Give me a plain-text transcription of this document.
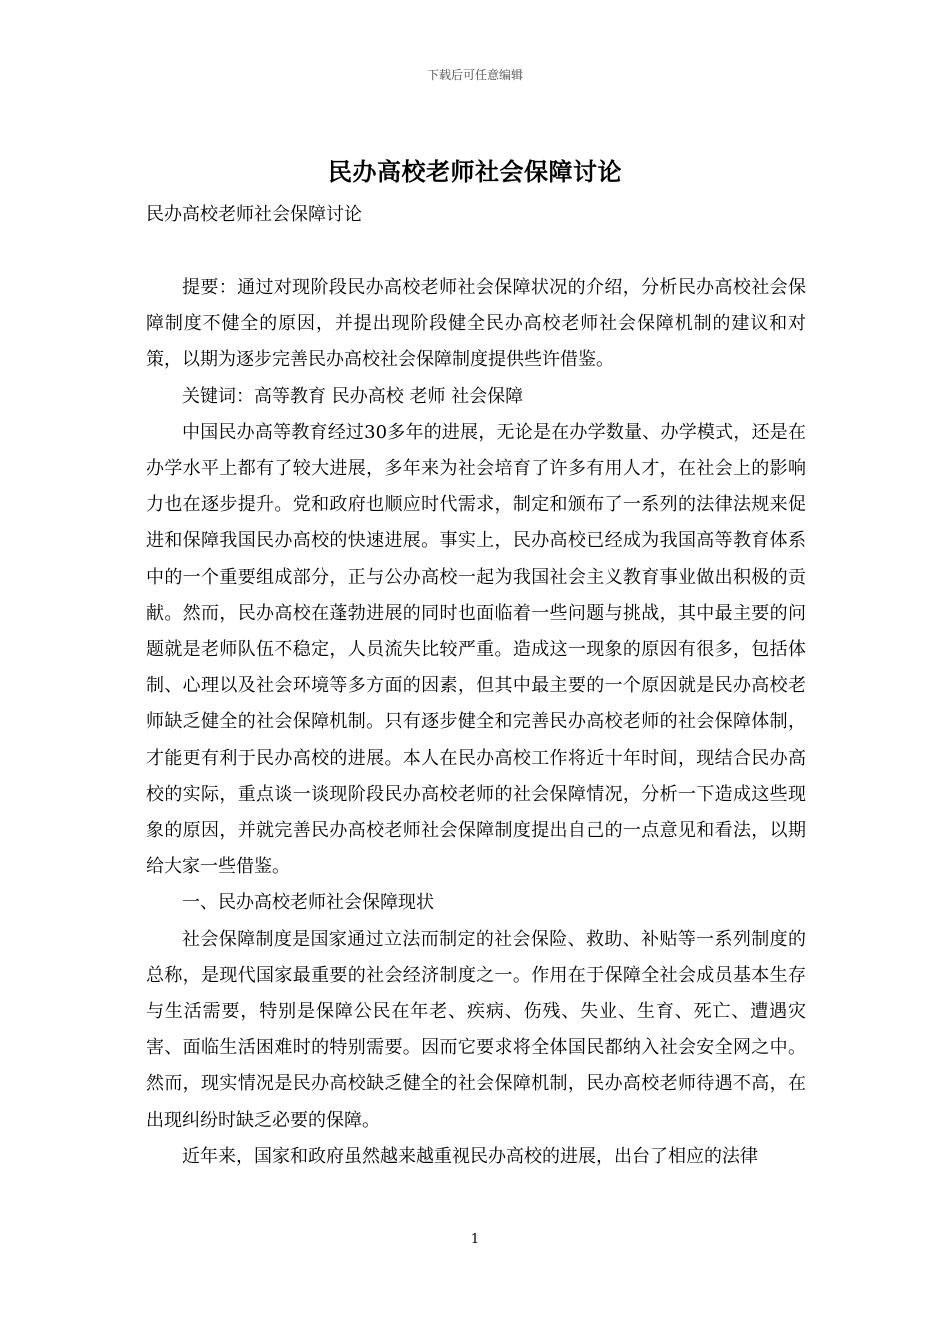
下载后可任意编辑
民办高校老师社会保障讨论
民办高校老师社会保障讨论

提要：通过对现阶段民办高校老师社会保障状况的介绍，分析民办高校社会保障制度不健全的原因，并提出现阶段健全民办高校老师社会保障机制的建议和对策，以期为逐步完善民办高校社会保障制度提供些许借鉴。

关键词：高等教育 民办高校 老师 社会保障

中国民办高等教育经过30多年的进展，无论是在办学数量、办学模式，还是在办学水平上都有了较大进展，多年来为社会培育了许多有用人才，在社会上的影响力也在逐步提升。党和政府也顺应时代需求，制定和颁布了一系列的法律法规来促进和保障我国民办高校的快速进展。事实上，民办高校已经成为我国高等教育体系中的一个重要组成部分，正与公办高校一起为我国社会主义教育事业做出积极的贡献。然而，民办高校在蓬勃进展的同时也面临着一些问题与挑战，其中最主要的问题就是老师队伍不稳定，人员流失比较严重。造成这一现象的原因有很多，包括体制、心理以及社会环境等多方面的因素，但其中最主要的一个原因就是民办高校老师缺乏健全的社会保障机制。只有逐步健全和完善民办高校老师的社会保障体制，才能更有利于民办高校的进展。本人在民办高校工作将近十年时间，现结合民办高校的实际，重点谈一谈现阶段民办高校老师的社会保障情况，分析一下造成这些现象的原因，并就完善民办高校老师社会保障制度提出自己的一点意见和看法，以期给大家一些借鉴。

一、民办高校老师社会保障现状

社会保障制度是国家通过立法而制定的社会保险、救助、补贴等一系列制度的总称，是现代国家最重要的社会经济制度之一。作用在于保障全社会成员基本生存与生活需要，特别是保障公民在年老、疾病、伤残、失业、生育、死亡、遭遇灾害、面临生活困难时的特别需要。因而它要求将全体国民都纳入社会安全网之中。然而，现实情况是民办高校缺乏健全的社会保障机制，民办高校老师待遇不高，在出现纠纷时缺乏必要的保障。

近年来，国家和政府虽然越来越重视民办高校的进展，出台了相应的法律

1
